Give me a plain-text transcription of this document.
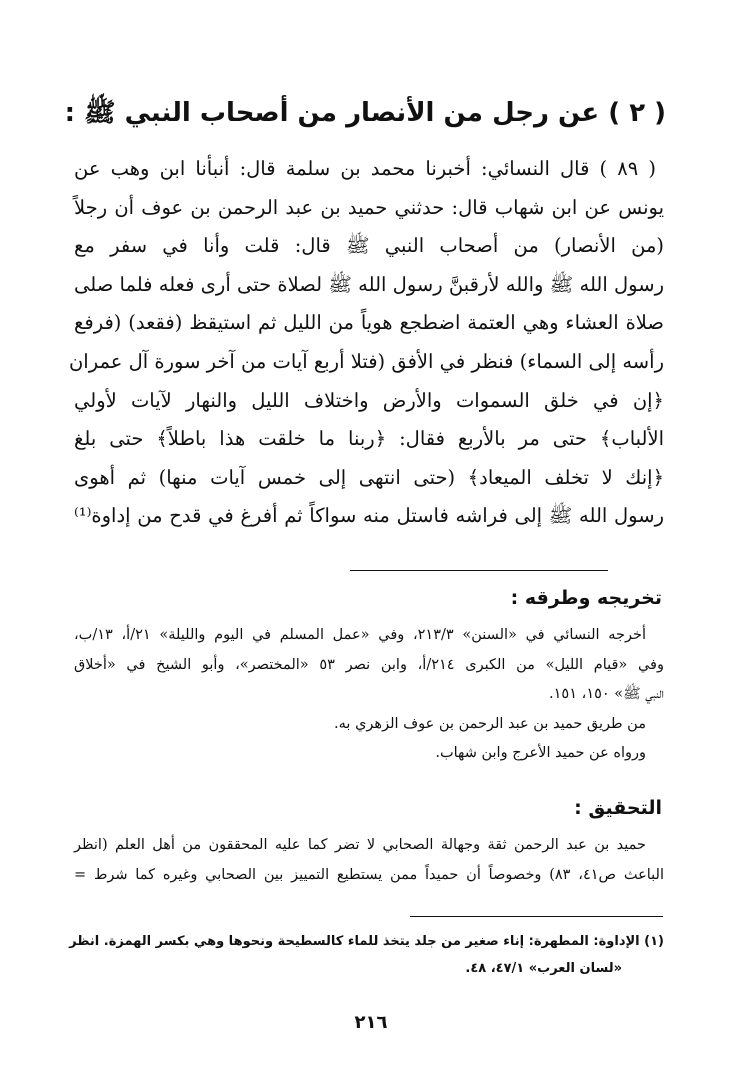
( ٢ ) عن رجل من الأنصار من أصحاب النبي ﷺ :
( ٨٩ ) قال النسائي: أخبرنا محمد بن سلمة قال: أنبأنا ابن وهب عن
يونس عن ابن شهاب قال: حدثني حميد بن عبد الرحمن بن عوف أن رجلاً
(من الأنصار) من أصحاب النبي ﷺ قال: قلت وأنا في سفر مع
رسول الله ﷺ والله لأرقبنَّ رسول الله ﷺ لصلاة حتى أرى فعله فلما صلى
صلاة العشاء وهي العتمة اضطجع هوياً من الليل ثم استيقظ (فقعد) (فرفع
رأسه إلى السماء) فنظر في الأفق (فتلا أربع آيات من آخر سورة آل عمران
﴿إن في خلق السموات والأرض واختلاف الليل والنهار لآيات لأولي
الألباب﴾ حتى مر بالأربع فقال: ﴿ربنا ما خلقت هذا باطلاً﴾ حتى بلغ
﴿إنك لا تخلف الميعاد﴾ (حتى انتهى إلى خمس آيات منها) ثم أهوى
رسول الله ﷺ إلى فراشه فاستل منه سواكاً ثم أفرغ في قدح من إداوة⁽¹⁾
تخريجه وطرقه :
أخرجه النسائي في «السنن» ٢١٣/٣، وفي «عمل المسلم في اليوم والليلة» ٢١/أ، ١٣/ب،
وفي «قيام الليل» من الكبرى ٢١٤/أ، وابن نصر ٥٣ «المختصر»، وأبو الشيخ في «أخلاق
النبي ﷺ» ١٥٠، ١٥١.
من طريق حميد بن عبد الرحمن بن عوف الزهري به.
ورواه عن حميد الأعرج وابن شهاب.
التحقيق :
حميد بن عبد الرحمن ثقة وجهالة الصحابي لا تضر كما عليه المحققون من أهل العلم (انظر
الباعث ص٤١، ٨٣) وخصوصاً أن حميداً ممن يستطيع التمييز بين الصحابي وغيره كما شرط =
(١) الإداوة: المطهرة: إناء صغير من جلد يتخذ للماء كالسطيحة ونحوها وهي بكسر الهمزة. انظر
«لسان العرب» ٤٧/١، ٤٨.
٢١٦
